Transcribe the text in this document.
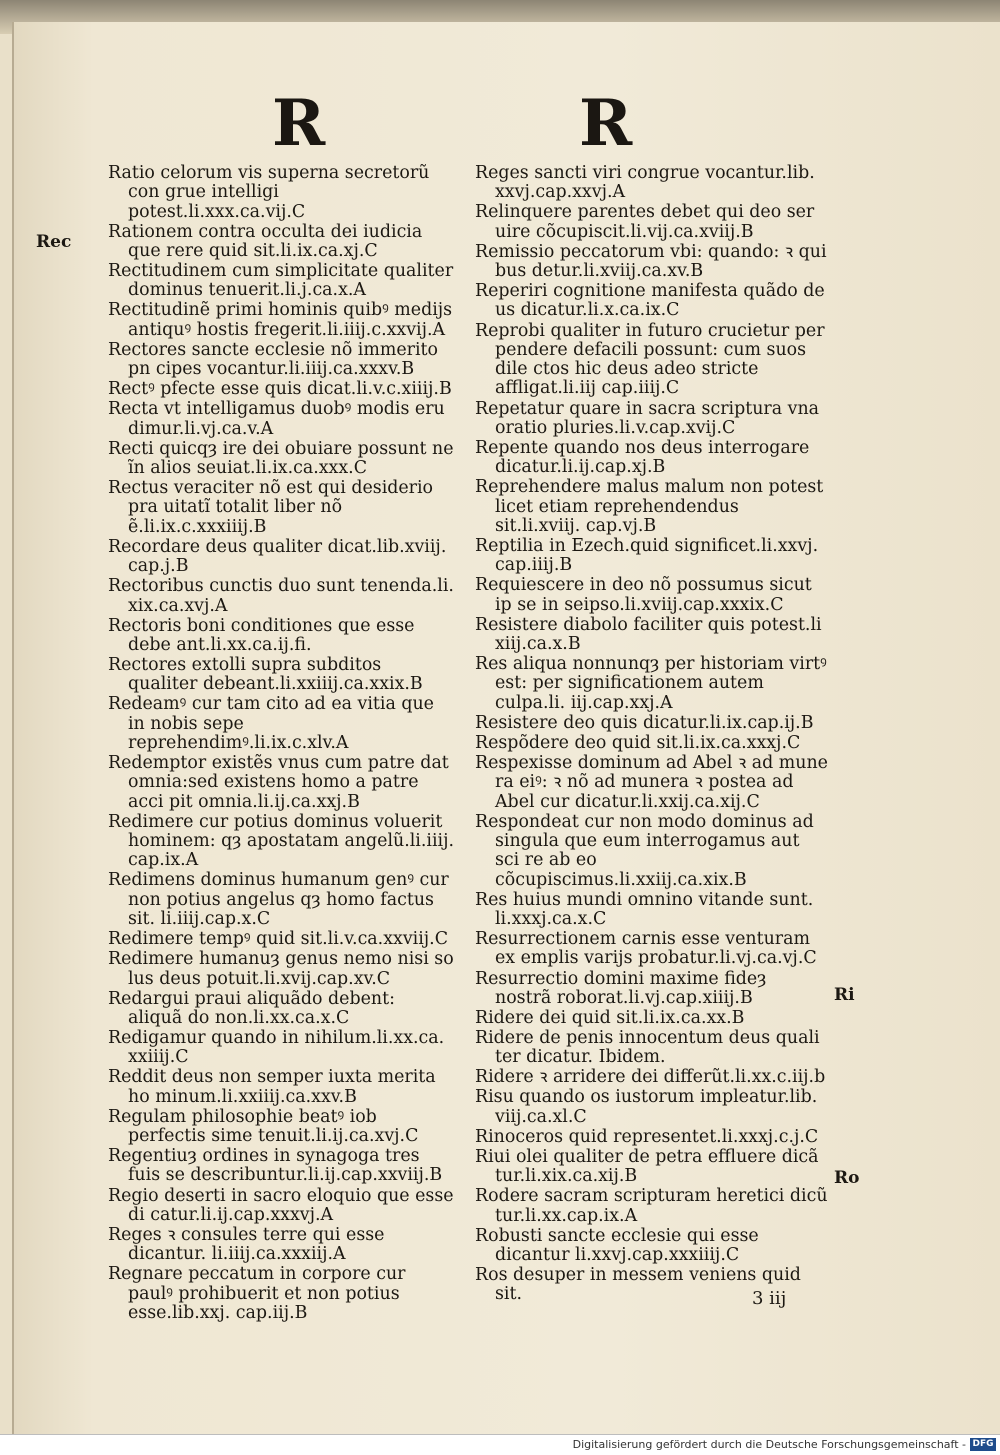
R	R
Rec
Ri
Ro
Ratio celorum vis superna secretorũ con grue intelligi potest.li.xxx.ca.vij.C
Rationem contra occulta dei iudicia que rere quid sit.li.ix.ca.xj.C
Rectitudinem cum simplicitate qualiter dominus tenuerit.li.j.ca.x.A
Rectitudinẽ primi hominis quibꝰ medijs antiquꝰ hostis fregerit.li.iiij.c.xxvij.A
Rectores sancte ecclesie nõ immerito pn cipes vocantur.li.iiij.ca.xxxv.B
Rectꝰ pfecte esse quis dicat.li.v.c.xiiij.B
Recta vt intelligamus duobꝰ modis eru dimur.li.vj.ca.v.A
Recti quicqȝ ire dei obuiare possunt ne ĩn alios seuiat.li.ix.ca.xxx.C
Rectus veraciter nõ est qui desiderio pra uitatĩ totalit liber nõ ẽ.li.ix.c.xxxiiij.B
Recordare deus qualiter dicat.lib.xviij. cap.j.B
Rectoribus cunctis duo sunt tenenda.li. xix.ca.xvj.A
Rectoris boni conditiones que esse debe ant.li.xx.ca.ij.fi.
Rectores extolli supra subditos qualiter debeant.li.xxiiij.ca.xxix.B
Redeamꝰ cur tam cito ad ea vitia que in nobis sepe reprehendimꝰ.li.ix.c.xlv.A
Redemptor existẽs vnus cum patre dat omnia:sed existens homo a patre acci pit omnia.li.ij.ca.xxj.B
Redimere cur potius dominus voluerit hominem: qȝ apostatam angelũ.li.iiij. cap.ix.A
Redimens dominus humanum genꝰ cur non potius angelus qȝ homo factus sit. li.iiij.cap.x.C
Redimere tempꝰ quid sit.li.v.ca.xxviij.C
Redimere humanuȝ genus nemo nisi so lus deus potuit.li.xvij.cap.xv.C
Redargui praui aliquãdo debent: aliquã do non.li.xx.ca.x.C
Redigamur quando in nihilum.li.xx.ca. xxiiij.C
Reddit deus non semper iuxta merita ho minum.li.xxiiij.ca.xxv.B
Regulam philosophie beatꝰ iob perfectis sime tenuit.li.ij.ca.xvj.C
Regentiuȝ ordines in synagoga tres fuis se describuntur.li.ij.cap.xxviij.B
Regio deserti in sacro eloquio que esse di catur.li.ij.cap.xxxvj.A
Reges ꝛ consules terre qui esse dicantur. li.iiij.ca.xxxiij.A
Regnare peccatum in corpore cur paulꝰ prohibuerit et non potius esse.lib.xxj. cap.iij.B
Reges sancti viri congrue vocantur.lib. xxvj.cap.xxvj.A
Relinquere parentes debet qui deo ser uire cõcupiscit.li.vij.ca.xviij.B
Remissio peccatorum vbi: quando: ꝛ qui bus detur.li.xviij.ca.xv.B
Reperiri cognitione manifesta quãdo de us dicatur.li.x.ca.ix.C
Reprobi qualiter in futuro crucietur per pendere defacili possunt: cum suos dile ctos hic deus adeo stricte affligat.li.iij cap.iiij.C
Repetatur quare in sacra scriptura vna oratio pluries.li.v.cap.xvij.C
Repente quando nos deus interrogare dicatur.li.ij.cap.xj.B
Reprehendere malus malum non potest licet etiam reprehendendus sit.li.xviij. cap.vj.B
Reptilia in Ezech.quid significet.li.xxvj. cap.iiij.B
Requiescere in deo nõ possumus sicut ip se in seipso.li.xviij.cap.xxxix.C
Resistere diabolo faciliter quis potest.li xiij.ca.x.B
Res aliqua nonnunqȝ per historiam virtꝰ est: per significationem autem culpa.li. iij.cap.xxj.A
Resistere deo quis dicatur.li.ix.cap.ij.B
Respõdere deo quid sit.li.ix.ca.xxxj.C
Respexisse dominum ad Abel ꝛ ad mune ra eiꝰ: ꝛ nõ ad munera ꝛ postea ad Abel cur dicatur.li.xxij.ca.xij.C
Respondeat cur non modo dominus ad singula que eum interrogamus aut sci re ab eo cõcupiscimus.li.xxiij.ca.xix.B
Res huius mundi omnino vitande sunt. li.xxxj.ca.x.C
Resurrectionem carnis esse venturam ex emplis varijs probatur.li.vj.ca.vj.C
Resurrectio domini maxime fideȝ nostrã roborat.li.vj.cap.xiiij.B
Ridere dei quid sit.li.ix.ca.xx.B
Ridere de penis innocentum deus quali ter dicatur. Ibidem.
Ridere ꝛ arridere dei differũt.li.xx.c.iij.b
Risu quando os iustorum impleatur.lib. viij.ca.xl.C
Rinoceros quid representet.li.xxxj.c.j.C
Riui olei qualiter de petra effluere dicã tur.li.xix.ca.xij.B
Rodere sacram scripturam heretici dicũ tur.li.xx.cap.ix.A
Robusti sancte ecclesie qui esse dicantur li.xxvj.cap.xxxiiij.C
Ros desuper in messem veniens quid sit.	3 iij
Digitalisierung gefördert durch die Deutsche Forschungsgemeinschaft - DFG
